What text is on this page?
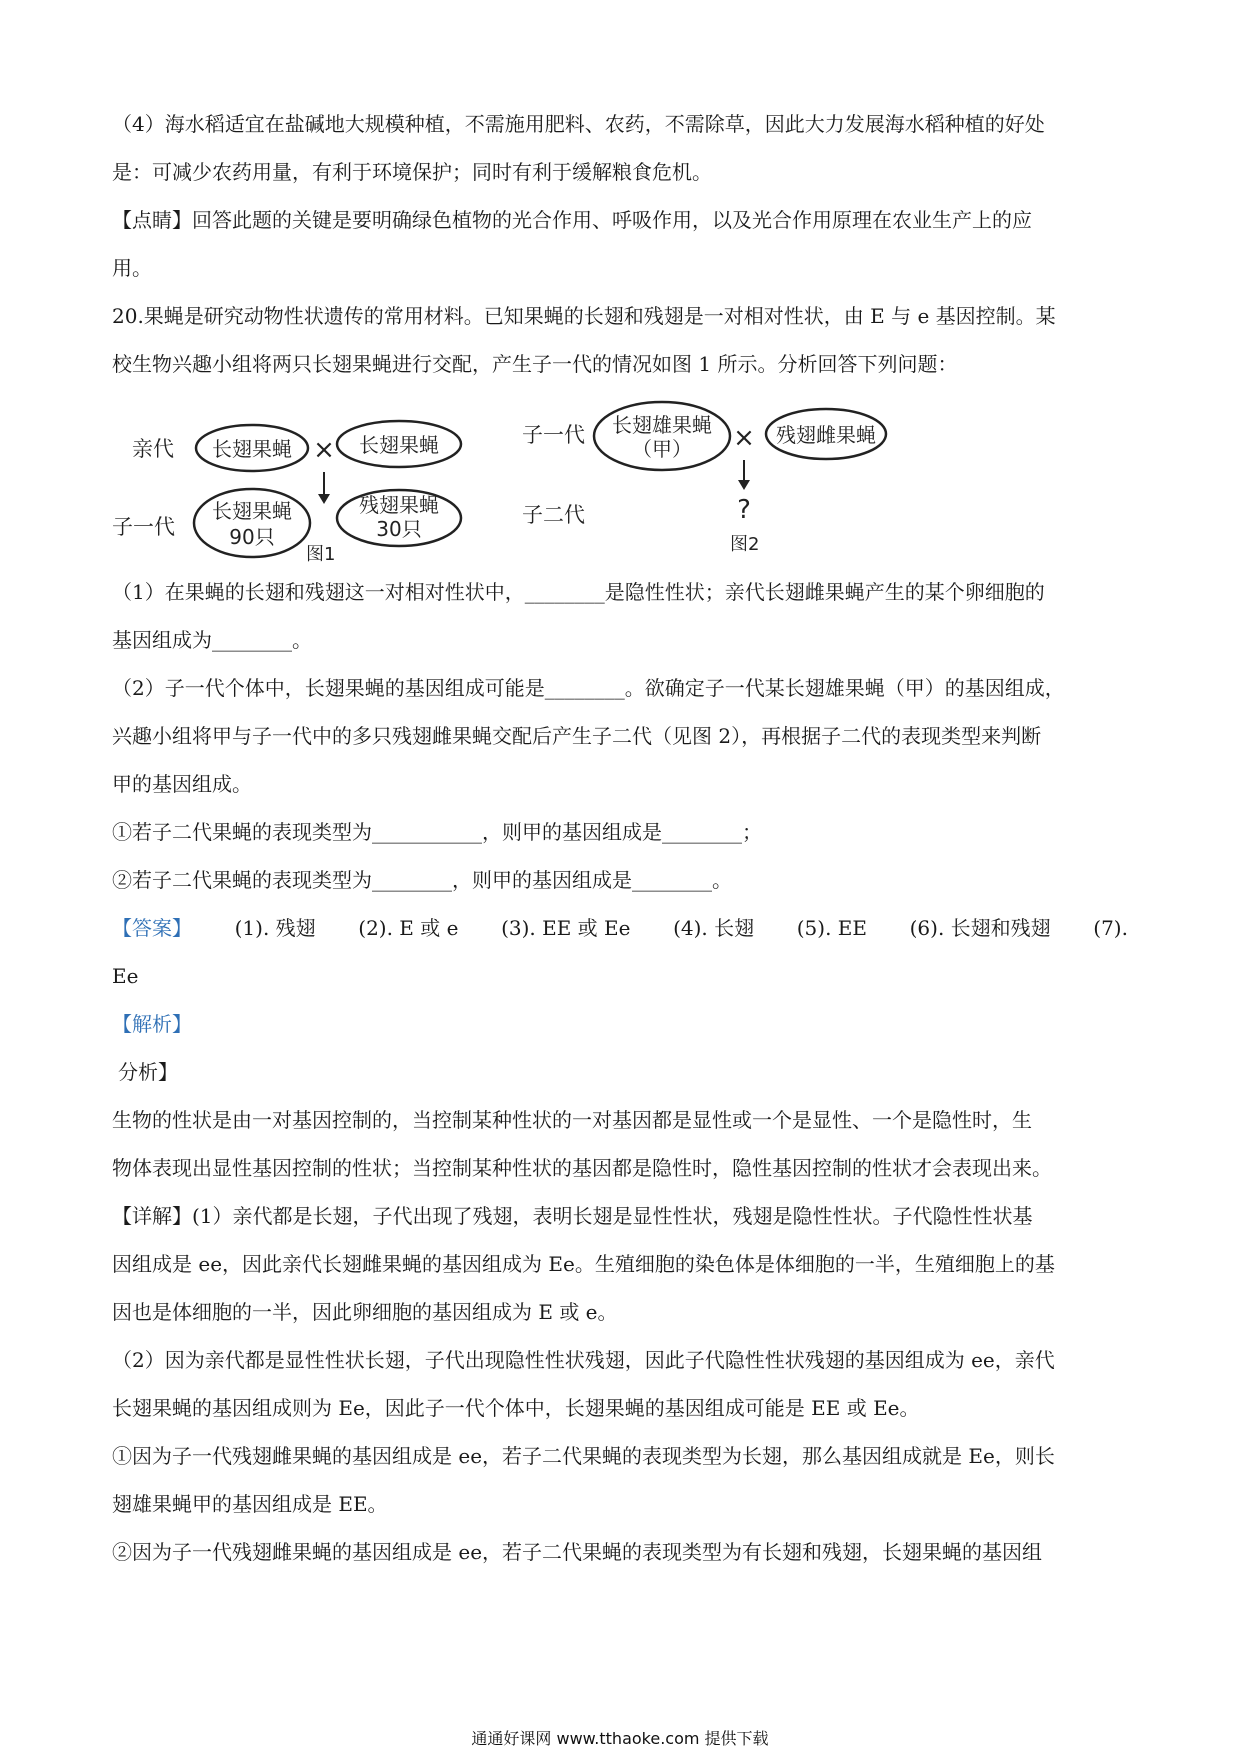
（4）海水稻适宜在盐碱地大规模种植，不需施用肥料、农药，不需除草，因此大力发展海水稻种植的好处

是：可减少农药用量，有利于环境保护；同时有利于缓解粮食危机。

【点睛】回答此题的关键是要明确绿色植物的光合作用、呼吸作用，以及光合作用原理在农业生产上的应

用。

20.果蝇是研究动物性状遗传的常用材料。已知果蝇的长翅和残翅是一对相对性状，由 E 与 e 基因控制。某

校生物兴趣小组将两只长翅果蝇进行交配，产生子一代的情况如图 1 所示。分析回答下列问题：

亲代 长翅果蝇 × 长翅果蝇
子一代
长翅果蝇
90只
残翅果蝇
30只
图1
子一代 长翅雄果蝇
（甲） × 残翅雌果蝇
子二代	?
图2

（1）在果蝇的长翅和残翅这一对相对性状中，________是隐性性状；亲代长翅雌果蝇产生的某个卵细胞的

基因组成为________。

（2）子一代个体中，长翅果蝇的基因组成可能是________。欲确定子一代某长翅雄果蝇（甲）的基因组成，

兴趣小组将甲与子一代中的多只残翅雌果蝇交配后产生子二代（见图 2），再根据子二代的表现类型来判断

甲的基因组成。

①若子二代果蝇的表现类型为___________，则甲的基因组成是________；

②若子二代果蝇的表现类型为________，则甲的基因组成是________。

【答案】 (1). 残翅 (2). E 或 e (3). EE 或 Ee (4). 长翅 (5). EE (6). 长翅和残翅 (7).

Ee

【解析】

分析】

生物的性状是由一对基因控制的，当控制某种性状的一对基因都是显性或一个是显性、一个是隐性时，生

物体表现出显性基因控制的性状；当控制某种性状的基因都是隐性时，隐性基因控制的性状才会表现出来。

【详解】(1）亲代都是长翅，子代出现了残翅，表明长翅是显性性状，残翅是隐性性状。子代隐性性状基

因组成是 ee，因此亲代长翅雌果蝇的基因组成为 Ee。生殖细胞的染色体是体细胞的一半，生殖细胞上的基

因也是体细胞的一半，因此卵细胞的基因组成为 E 或 e。

（2）因为亲代都是显性性状长翅，子代出现隐性性状残翅，因此子代隐性性状残翅的基因组成为 ee，亲代

长翅果蝇的基因组成则为 Ee，因此子一代个体中，长翅果蝇的基因组成可能是 EE 或 Ee。

①因为子一代残翅雌果蝇的基因组成是 ee，若子二代果蝇的表现类型为长翅，那么基因组成就是 Ee，则长

翅雄果蝇甲的基因组成是 EE。

②因为子一代残翅雌果蝇的基因组成是 ee，若子二代果蝇的表现类型为有长翅和残翅，长翅果蝇的基因组

通通好课网 www.tthaoke.com 提供下载
